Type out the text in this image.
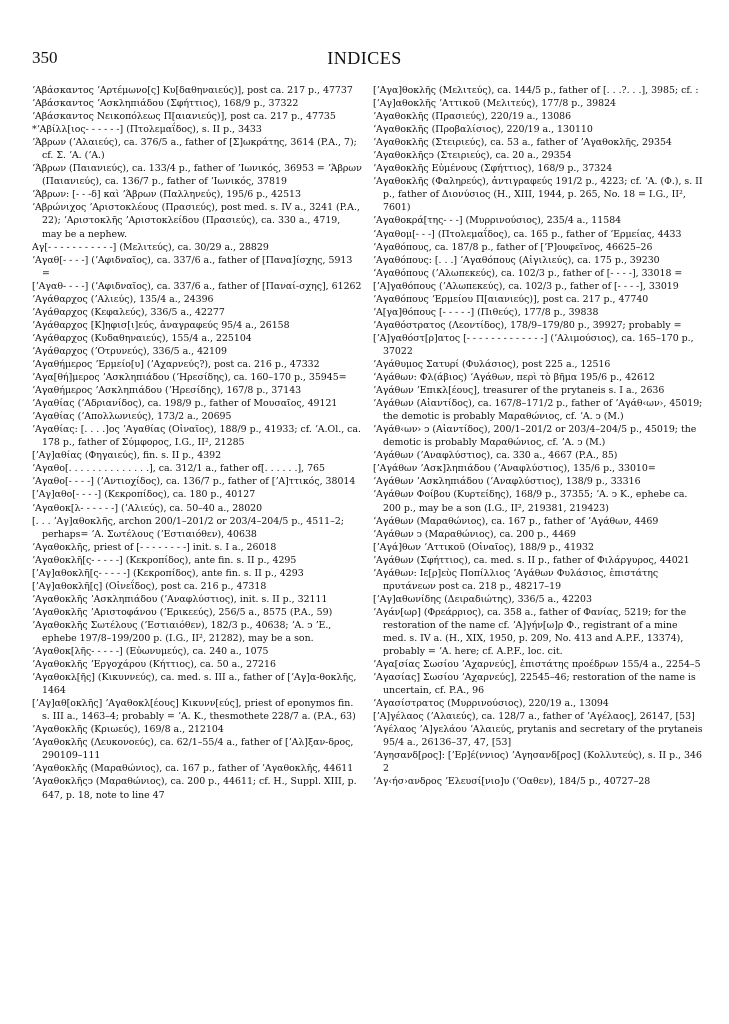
350	INDICES

ʼΑβάσκαντος ʼΑρτέμωνο[ς] Κυ[δαθηναιεύς)], post ca. 217 p., 47737

ʼΑβάσκαντος ʼΑσκληπιάδου (Σφήττιος), 168/9 p., 37322

ʼΑβάσκαντος Νεικοπόλεως Π[αιανιεύς)], post ca. 217 p., 47735

*ʼΑβίλλ[ιος- - - - - -] (Πτολεμαΐδος), s. II p., 3433

ʼΆβρων (ʼΑλαιεύς), ca. 376/5 a., father of [Σ]ωκράτης, 3614 (P.A., 7); cf. Σ. ʼΑ. (ʼΑ.)

ʼΆβρων (Παιανιεύς), ca. 133/4 p., father of ʼΙωνικός, 36953 = ʼΆβρων (Παιανιεύς), ca. 136/7 p., father of ʼΙωνικός, 37819

ʼΆβρων: [- - -δ] καὶ ʼΆβρων (Παλληνεύς), 195/6 p., 42513

ʼΑβρώνιχος ʼΑριστοκλέους (Πρασιεύς), post med. s. IV a., 3241 (P.A., 22); ʼΑριστοκλῆς ʼΑριστοκλείδου (Πρασιεύς), ca. 330 a., 4719, may be a nephew.

Αγ[- - - - - - - - - - -] (Μελιτεύς), ca. 30/29 a., 28829

ʼΑγαθ[- - - -] (ʼΑφιδναῖος), ca. 337/6 a., father of [Πανα]ίσχης, 5913 =

[ʼΑγαθ- - - -] (ʼΑφιδναῖος), ca. 337/6 a., father of [Παναί-σχης], 61262

ʼΑγάθαρχος (ʼΑλιεύς), 135/4 a., 24396

ʼΑγάθαρχος (Κεφαλεύς), 336/5 a., 42277

ʼΑγάθαρχος [Κ]ηφισ[ι]εύς, ἀναγραφεύς 95/4 a., 26158

ʼΑγάθαρχος (Κυδαθηναιεύς), 155/4 a., 225104

ʼΑγάθαρχος (ʼΟτρυνεύς), 336/5 a., 42109

ʼΑγαθήμερος ʼΕρμείο[υ] (ʼΑχαρνεύς?), post ca. 216 p., 47332

ʼΑγα[θή]μερος ʼΑσκληπιάδου (ʼΗρεσίδης), ca. 160–170 p., 35945=

ʼΑγαθήμερος ʼΑσκληπιάδου (ʼΗρεσίδης), 167/8 p., 37143

ʼΑγαθίας (ʼΑδριανίδος), ca. 198/9 p., father of Μουσαῖος, 49121

ʼΑγαθίας (ʼΑπολλωνιεύς), 173/2 a., 20695

ʼΑγαθίας: [. . . .]ος ʼΑγαθίας (Οἰναῖος), 188/9 p., 41933; cf. ʼA.Ol., ca. 178 p., father of Σύμφορος, I.G., II², 21285

[ʼΑγ]αθίας (Φηγαιεύς), fin. s. II p., 4392

ʼΑγαθο[. . . . . . . . . . . . . .], ca. 312/1 a., father of[. . . . . .], 765

ʼΑγαθο[- - - -] (ʼΑντιοχίδος), ca. 136/7 p., father of [ʼΑ]ττικός, 38014

[ʼΑγ]αθο[- - - -] (Κεκροπίδος), ca. 180 p., 40127

ʼΑγαθοκ[λ- - - - - -] (ʼΑλιεύς), ca. 50–40 a., 28020

[. . . ʼΑγ]αθοκλῆς, archon 200/1–201/2 or 203/4–204/5 p., 4511–2; perhaps= ʼΑ. Σωτέλους (ʼΕστιαιόθεν), 40638

ʼΑγαθοκλῆς, priest of [- - - - - - - -] init. s. I a., 26018

ʼΑγαθοκλῆ[ς- - - - -] (Κεκροπίδος), ante fin. s. II p., 4295

[ʼΑγ]αθοκλῆ[ς- - - - -] (Κεκροπίδος), ante fin. s. II p., 4293

[ʼΑγ]αθοκλῆ[ς] (Οἰνεΐδος), post ca. 216 p., 47318

ʼΑγαθοκλῆς ʼΑσκληπιάδου (ʼΑναφλύστιος), init. s. II p., 32111

ʼΑγαθοκλῆς ʼΑριστοφάνου (ʼΕρικεεύς), 256/5 a., 8575 (P.A., 59)

ʼΑγαθοκλῆς Σωτέλους (ʼΕστιαιόθεν), 182/3 p., 40638; ʼΑ. ͻ ʼΕ., ephebe 197/8–199/200 p. (I.G., II², 21282), may be a son.

ʼΑγαθοκ[λῆς- - - - -] (Εὐωνυμεύς), ca. 240 a., 1075

ʼΑγαθοκλῆς ʼΕργοχάρου (Κήττιος), ca. 50 a., 27216

ʼΑγαθοκλ[ῆς] (Κικυννεύς), ca. med. s. III a., father of [ʼΑγ]α-θοκλῆς, 1464

[ʼΑγ]αθ[οκλῆς] ʼΑγαθοκλ[έους] Κικυνν[εύς], priest of eponymos fin. s. III a., 1463–4; probably = ʼΑ. Κ., thesmothete 228/7 a. (P.A., 63)

ʼΑγαθοκλῆς (Κριωεύς), 169/8 a., 212104

ʼΑγαθοκλῆς (Λευκονοεύς), ca. 62/1–55/4 a., father of [ʼΑλ]ξαν-δρος, 290109–111

ʼΑγαθοκλῆς (Μαραθώνιος), ca. 167 p., father of ʼΑγαθοκλῆς, 44611

ʼΑγαθοκλῆςͻ (Μαραθώνιος), ca. 200 p., 44611; cf. H., Suppl. XIII, p. 647, p. 18, note to line 47

[ʼΑγα]θοκλῆς (Μελιτεύς), ca. 144/5 p., father of [. . .?. . .], 3985; cf. :

[ʼΑγ]αθοκλῆς ʼΑττικοῦ (Μελιτεύς), 177/8 p., 39824

ʼΑγαθοκλῆς (Πρασιεύς), 220/19 a., 13086

ʼΑγαθοκλῆς (Προβαλίσιος), 220/19 a., 130110

ʼΑγαθοκλῆς (Στειριεύς), ca. 53 a., father of ʼΑγαθοκλῆς, 29354

ʼΑγαθοκλῆςͻ (Στειριεύς), ca. 20 a., 29354

ʼΑγαθοκλῆς Εὐμένους (Σφήττιος), 168/9 p., 37324

ʼΑγαθοκλῆς (Φαληρεύς), ἀντιγραφεύς 191/2 p., 4223; cf. ʼΑ. (Φ.), s. II p., father of Διονύσιος (H., XIII, 1944, p. 265, No. 18 = I.G., II², 7601)

ʼΑγαθοκρά[της- - -] (Μυρρινούσιος), 235/4 a., 11584

ʼΑγαθομ[- - -] (Πτολεμαΐδος), ca. 165 p., father of ʼΕρμείας, 4433

ʼΑγαθόπους, ca. 187/8 p., father of [ʼΡ]ουφεῖνος, 46625–26

ʼΑγαθόπους: [. . .] ʼΑγαθόπους (Αἰγιλιεύς), ca. 175 p., 39230

ʼΑγαθόπους (ʼΑλωπεκεύς), ca. 102/3 p., father of [- - - -], 33018 =

[ʼΑ]γαθόπους (ʼΑλωπεκεύς), ca. 102/3 p., father of [- - - -], 33019

ʼΑγαθόπους ʼΕρμείου Π[αιανιεύς)], post ca. 217 p., 47740

ʼΑ[γα]θόπους [- - - - -] (Πιθεύς), 177/8 p., 39838

ʼΑγαθόστρατος (Λεοντίδος), 178/9–179/80 p., 39927; probably =

[ʼΑ]γαθόστ[ρ]ατος [- - - - - - - - - - - - -] (ʼΑλιμούσιος), ca. 165–170 p., 37022

ʼΑγάθυμος Σατυρί (Φυλάσιος), post 225 a., 12516

ʼΑγάθων: Φλ(άβιος) ʼΑγάθων, περὶ τὸ βῆμα 195/6 p., 42612

ʼΑγάθων ʼΕπικλ[έους], treasurer of the prytaneis s. I a., 2636

ʼΑγάθων (Αἰαντίδος), ca. 167/8–171/2 p., father of ʼΑγάθ‹ων›, 45019; the demotic is probably Μαραθώνιος, cf. ʼΑ. ͻ (Μ.)

ʼΑγάθ‹ων› ͻ (Αἰαντίδος), 200/1–201/2 or 203/4–204/5 p., 45019; the demotic is probably Μαραθώνιος, cf. ʼΑ. ͻ (Μ.)

ʼΑγάθων (ʼΑναφλύστιος), ca. 330 a., 4667 (P.A., 85)

[ʼΑγάθων ʼΑσκ]ληπιάδου (ʼΑναφλύστιος), 135/6 p., 33010=

ʼΑγάθων ʼΑσκληπιάδου (ʼΑναφλύστιος), 138/9 p., 33316

ʼΑγάθων Φοίβου (Κυρτείδης), 168/9 p., 37355; ʼΑ. ͻ Κ., ephebe ca. 200 p., may be a son (I.G., II², 219381, 219423)

ʼΑγάθων (Μαραθώνιος), ca. 167 p., father of ʼΑγάθων, 4469

ʼΑγάθων ͻ (Μαραθώνιος), ca. 200 p., 4469

[ʼΑγά]θων ʼΑττικοῦ (Οἰναῖος), 188/9 p., 41932

ʼΑγάθων (Σφήττιος), ca. med. s. II p., father of Φιλάργυρος, 44021

ʼΑγάθων: Ιε[ρ]εὺς Ποπίλλιος ʼΑγάθων Φυλάσιος, ἐπιστάτης πρυτάνεων post ca. 218 p., 48217–19

[ʼΑγ]αθωνίδης (Δειραδιώτης), 336/5 a., 42203

ʼΑγάν[ωρ] (Φρεάρριος), ca. 358 a., father of Φανίας, 5219; for the restoration of the name cf. ʼΑ]γήν[ω]ρ Φ., registrant of a mine med. s. IV a. (H., XIX, 1950, p. 209, No. 413 and A.P.F., 13374), probably = ʼΑ. here; cf. A.P.F., loc. cit.

ʼΑγα[σίας Σωσίου ʼΑχαρνεύς], ἐπιστάτης προέδρων 155/4 a., 2254–5

ʼΑγασίας] Σωσίου ʼΑχαρνεύς], 22545–46; restoration of the name is uncertain, cf. P.A., 96

ʼΑγασίστρατος (Μυρρινούσιος), 220/19 a., 13094

[ʼΑ]γέλαος (ʼΑλαιεύς), ca. 128/7 a., father of ʼΑγέλαος], 26147, [53]

ʼΑγέλαος ʼΑ]γελάου ʼΑλαιεύς, prytanis and secretary of the prytaneis 95/4 a., 26136–37, 47, [53]

ʼΑγησανδ[ρος]: [ʼΕρ]έ(ννιος) ʼΑγησανδ[ρος] (Κολλυτεύς), s. II p., 346 2

ʼΑγ‹ήσ›ανδρος ʼΕλευσί[νιο]υ (ʼΟαθεν), 184/5 p., 40727–28
